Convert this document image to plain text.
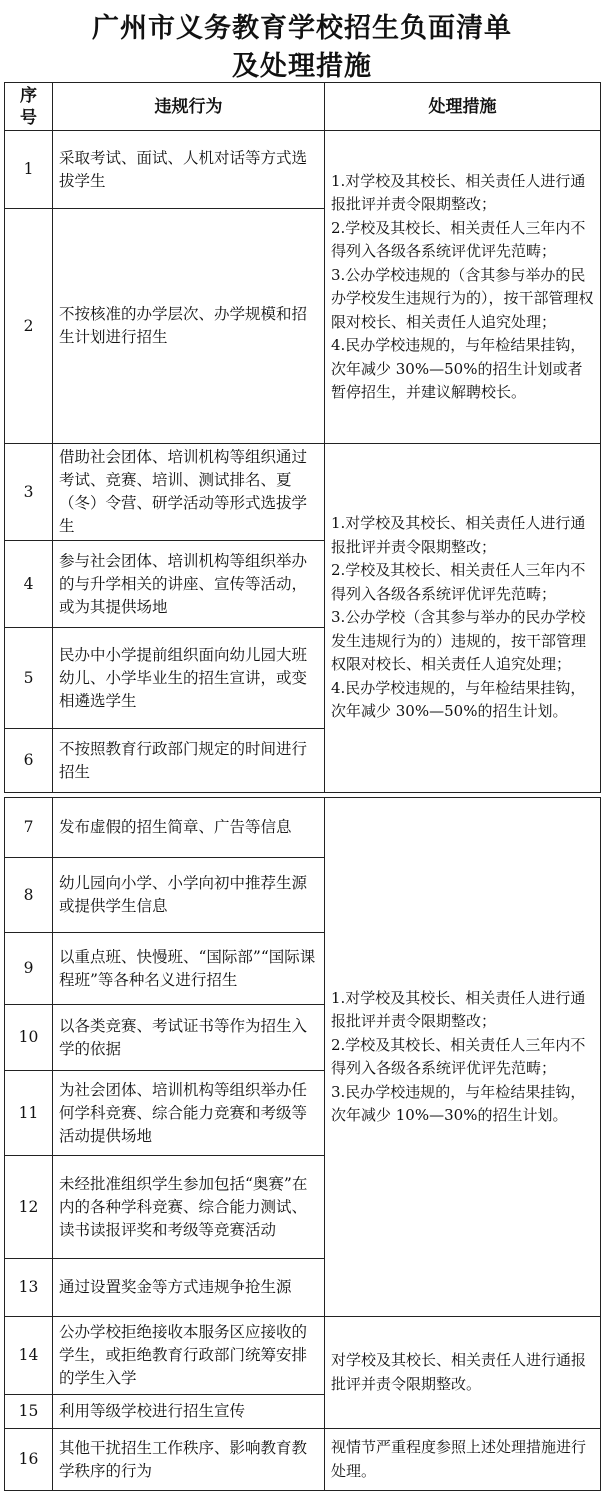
广州市义务教育学校招生负面清单
及处理措施
序
号	违规行为	处理措施
1	采取考试、面试、人机对话等方式选拔学生	1.对学校及其校长、相关责任人进行通报批评并责令限期整改；
2.学校及其校长、相关责任人三年内不得列入各级各系统评优评先范畴；
3.公办学校违规的（含其参与举办的民办学校发生违规行为的），按干部管理权限对校长、相关责任人追究处理；
4.民办学校违规的，与年检结果挂钩，次年减少 30%—50%的招生计划或者暂停招生，并建议解聘校长。
2	不按核准的办学层次、办学规模和招生计划进行招生	
3	借助社会团体、培训机构等组织通过考试、竞赛、培训、测试排名、夏（冬）令营、研学活动等形式选拔学生	1.对学校及其校长、相关责任人进行通报批评并责令限期整改；
2.学校及其校长、相关责任人三年内不得列入各级各系统评优评先范畴；
3.公办学校（含其参与举办的民办学校发生违规行为的）违规的，按干部管理权限对校长、相关责任人追究处理；
4.民办学校违规的，与年检结果挂钩，次年减少 30%—50%的招生计划。
4	参与社会团体、培训机构等组织举办的与升学相关的讲座、宣传等活动，或为其提供场地	
5	民办中小学提前组织面向幼儿园大班幼儿、小学毕业生的招生宣讲，或变相遴选学生	
6	不按照教育行政部门规定的时间进行招生	
7	发布虚假的招生简章、广告等信息	1.对学校及其校长、相关责任人进行通报批评并责令限期整改；
2.学校及其校长、相关责任人三年内不得列入各级各系统评优评先范畴；
3.民办学校违规的，与年检结果挂钩，次年减少 10%—30%的招生计划。
8	幼儿园向小学、小学向初中推荐生源或提供学生信息	
9	以重点班、快慢班、“国际部”“国际课程班”等各种名义进行招生	
10	以各类竞赛、考试证书等作为招生入学的依据	
11	为社会团体、培训机构等组织举办任何学科竞赛、综合能力竞赛和考级等活动提供场地	
12	未经批准组织学生参加包括“奥赛”在内的各种学科竞赛、综合能力测试、读书读报评奖和考级等竞赛活动	
13	通过设置奖金等方式违规争抢生源	
14	公办学校拒绝接收本服务区应接收的学生，或拒绝教育行政部门统筹安排的学生入学	对学校及其校长、相关责任人进行通报批评并责令限期整改。
15	利用等级学校进行招生宣传	
16	其他干扰招生工作秩序、影响教育教学秩序的行为	视情节严重程度参照上述处理措施进行处理。
